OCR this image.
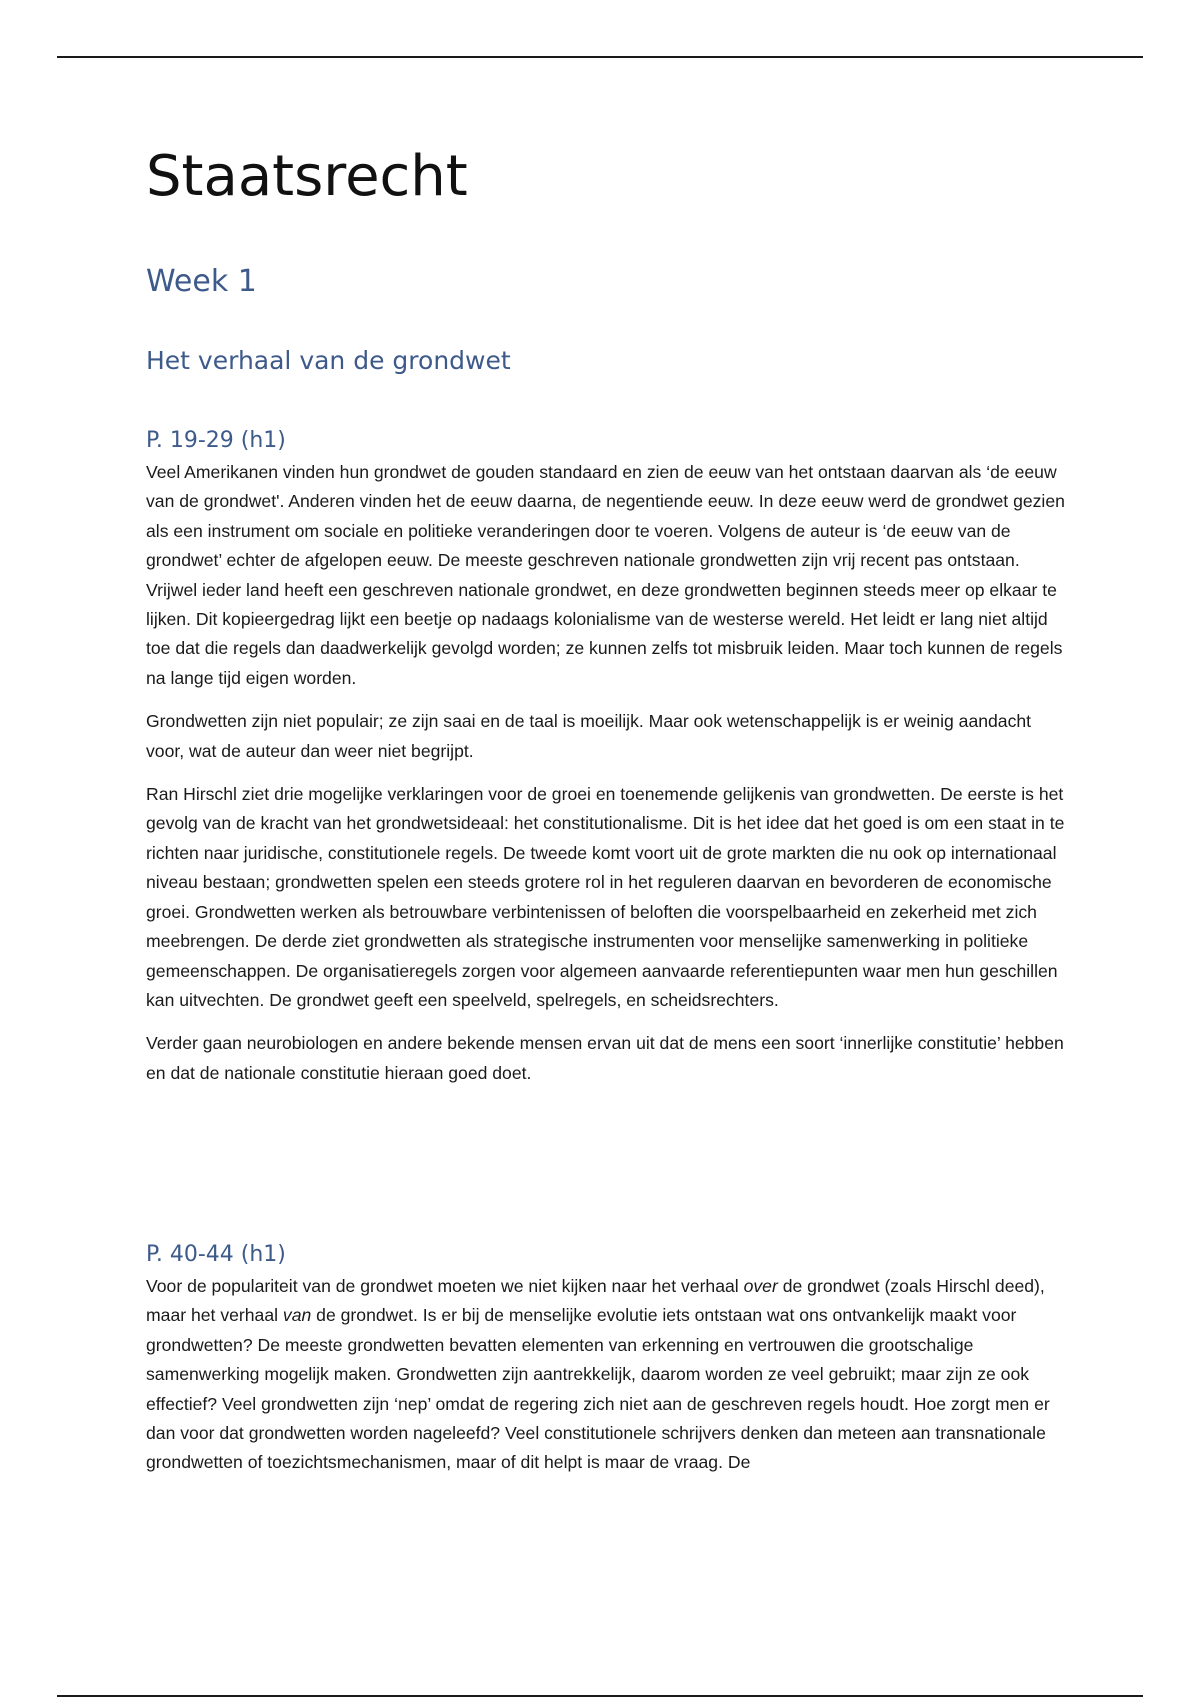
Staatsrecht
Week 1
Het verhaal van de grondwet
P. 19-29 (h1)

Veel Amerikanen vinden hun grondwet de gouden standaard en zien de eeuw van het ontstaan daarvan als ‘de eeuw van de grondwet'. Anderen vinden het de eeuw daarna, de negentiende eeuw. In deze eeuw werd de grondwet gezien als een instrument om sociale en politieke veranderingen door te voeren. Volgens de auteur is ‘de eeuw van de grondwet’ echter de afgelopen eeuw. De meeste geschreven nationale grondwetten zijn vrij recent pas ontstaan. Vrijwel ieder land heeft een geschreven nationale grondwet, en deze grondwetten beginnen steeds meer op elkaar te lijken. Dit kopieergedrag lijkt een beetje op nadaags kolonialisme van de westerse wereld. Het leidt er lang niet altijd toe dat die regels dan daadwerkelijk gevolgd worden; ze kunnen zelfs tot misbruik leiden. Maar toch kunnen de regels na lange tijd eigen worden.

Grondwetten zijn niet populair; ze zijn saai en de taal is moeilijk. Maar ook wetenschappelijk is er weinig aandacht voor, wat de auteur dan weer niet begrijpt.

Ran Hirschl ziet drie mogelijke verklaringen voor de groei en toenemende gelijkenis van grondwetten. De eerste is het gevolg van de kracht van het grondwetsideaal: het constitutionalisme. Dit is het idee dat het goed is om een staat in te richten naar juridische, constitutionele regels. De tweede komt voort uit de grote markten die nu ook op internationaal niveau bestaan; grondwetten spelen een steeds grotere rol in het reguleren daarvan en bevorderen de economische groei. Grondwetten werken als betrouwbare verbintenissen of beloften die voorspelbaarheid en zekerheid met zich meebrengen. De derde ziet grondwetten als strategische instrumenten voor menselijke samenwerking in politieke gemeenschappen. De organisatieregels zorgen voor algemeen aanvaarde referentiepunten waar men hun geschillen kan uitvechten. De grondwet geeft een speelveld, spelregels, en scheidsrechters.

Verder gaan neurobiologen en andere bekende mensen ervan uit dat de mens een soort ‘innerlijke constitutie’ hebben en dat de nationale constitutie hieraan goed doet.

P. 40-44 (h1)

Voor de populariteit van de grondwet moeten we niet kijken naar het verhaal over de grondwet (zoals Hirschl deed), maar het verhaal van de grondwet. Is er bij de menselijke evolutie iets ontstaan wat ons ontvankelijk maakt voor grondwetten? De meeste grondwetten bevatten elementen van erkenning en vertrouwen die grootschalige samenwerking mogelijk maken. Grondwetten zijn aantrekkelijk, daarom worden ze veel gebruikt; maar zijn ze ook effectief? Veel grondwetten zijn ‘nep’ omdat de regering zich niet aan de geschreven regels houdt. Hoe zorgt men er dan voor dat grondwetten worden nageleefd? Veel constitutionele schrijvers denken dan meteen aan transnationale grondwetten of toezichtsmechanismen, maar of dit helpt is maar de vraag. De
